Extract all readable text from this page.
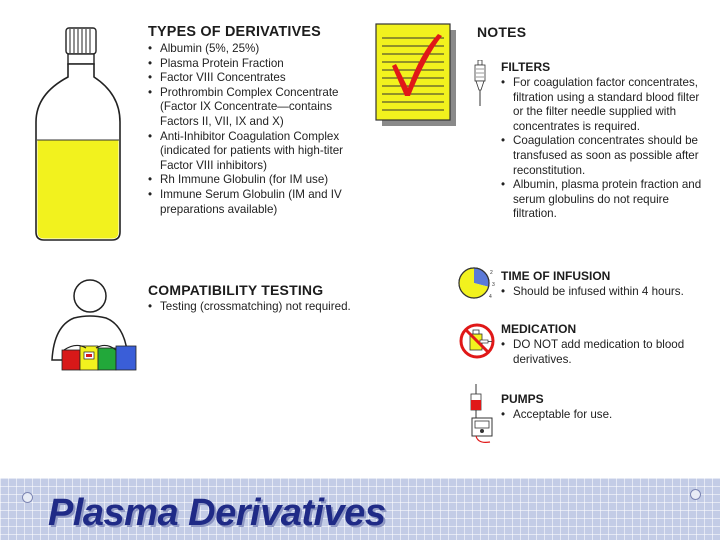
TYPES OF DERIVATIVES
• Albumin (5%, 25%)
• Plasma Protein Fraction
• Factor VIII Concentrates
• Prothrombin Complex Concentrate (Factor IX Concentrate—contains Factors II, VII, IX and X)
• Anti-Inhibitor Coagulation Complex (indicated for patients with high-titer Factor VIII inhibitors)
• Rh Immune Globulin (for IM use)
• Immune Serum Globulin (IM and IV preparations available)
NOTES
FILTERS
• For coagulation factor concentrates, filtration using a standard blood filter or the filter needle supplied with concentrates is required.
• Coagulation concentrates should be transfused as soon as possible after reconstitution.
• Albumin, plasma protein fraction and serum globulins do not require filtration.
2
3
4
TIME OF INFUSION
• Should be infused within 4 hours.
MEDICATION
• DO NOT add medication to blood derivatives.
PUMPS
• Acceptable for use.
COMPATIBILITY TESTING
• Testing (crossmatching) not required.
Plasma Derivatives
